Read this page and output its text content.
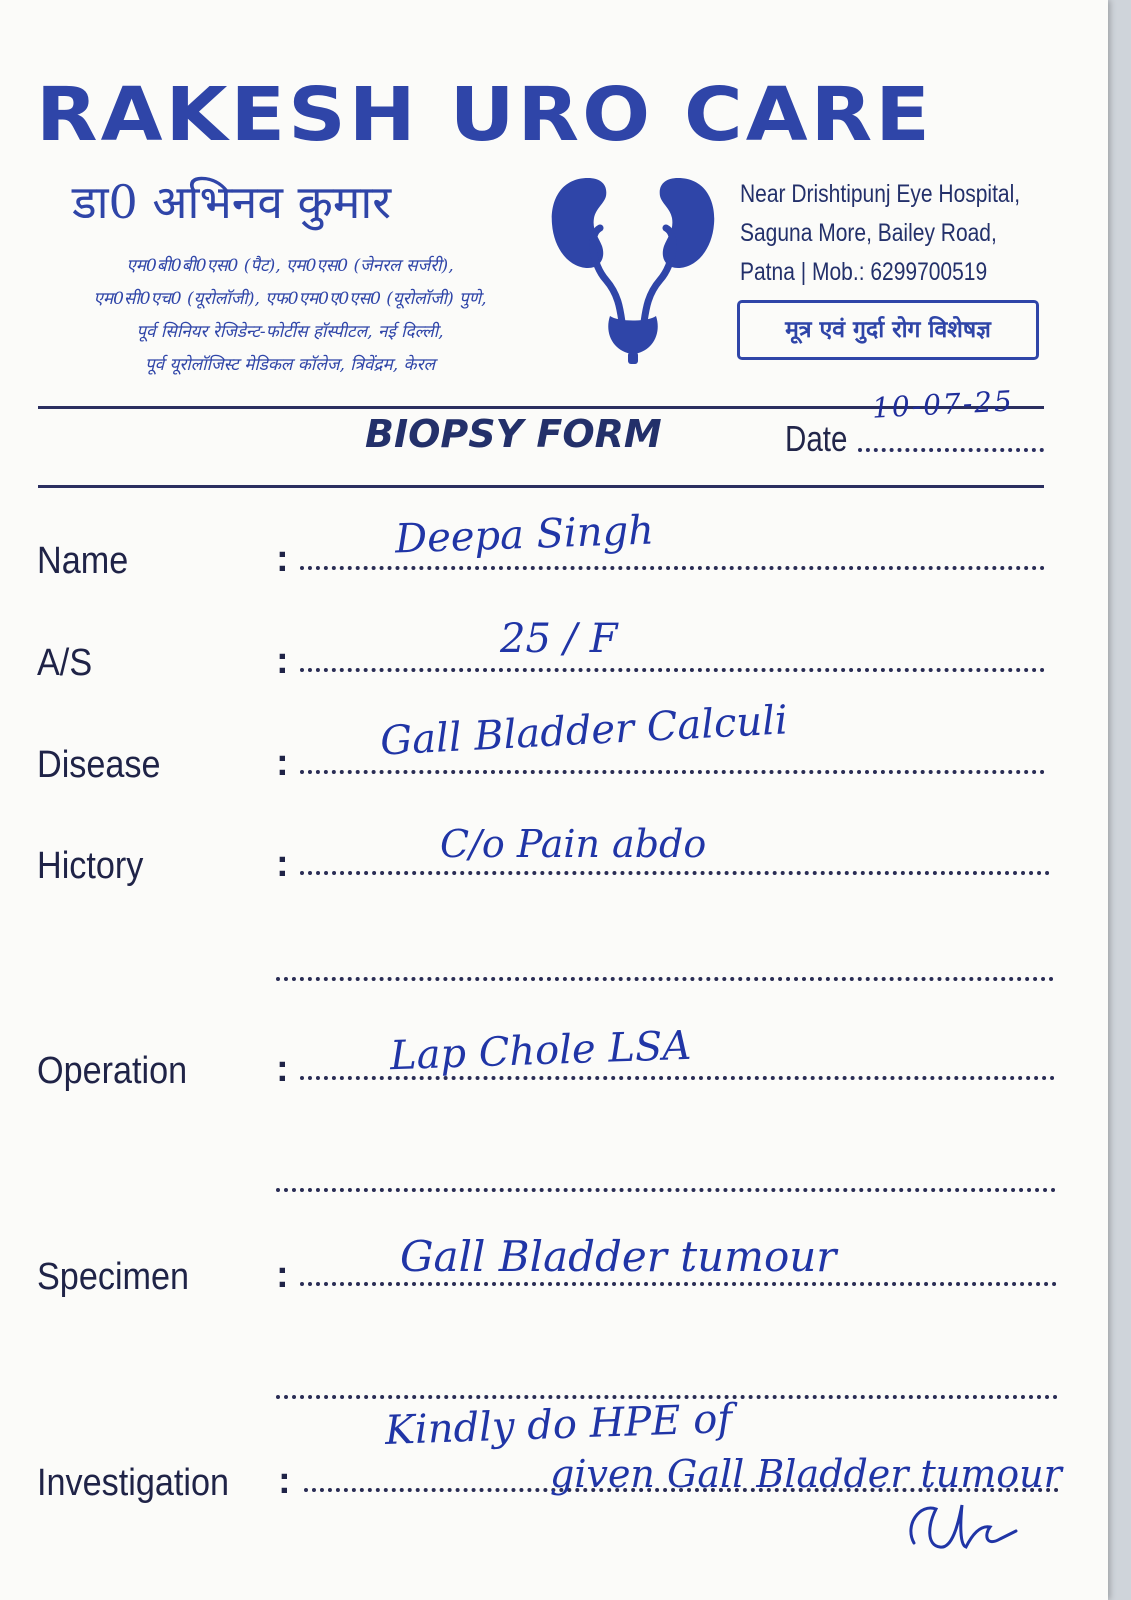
RAKESH URO CARE

डा0 अभिनव कुमार

एम0बी0बी0एस0 (पैट), एम0एस0 (जेनरल सर्जरी),
एम0सी0एच0 (यूरोलॉजी), एफ0एम0ए0एस0 (यूरोलॉजी) पुणे,
पूर्व सिनियर रेजिडेन्ट-फोर्टीस हॉस्पीटल, नई दिल्ली,
पूर्व यूरोलॉजिस्ट मेडिकल कॉलेज, त्रिवेंद्रम, केरल
Near Drishtipunj Eye Hospital,
Saguna More, Bailey Road,
Patna | Mob.: 6299700519
मूत्र एवं गुर्दा रोग विशेषज्ञ
BIOPSY FORM	Date
10-07-25
Name	:	Deepa Singh
A/S	:	25 / F
Disease	: Gall Bladder Calculi
Hictory	:	C/o Pain abdo
Operation :	Lap Chole LSA
Specimen :	Gall Bladder tumour
Investigation :
Kindly do HPE of
given Gall Bladder tumour
